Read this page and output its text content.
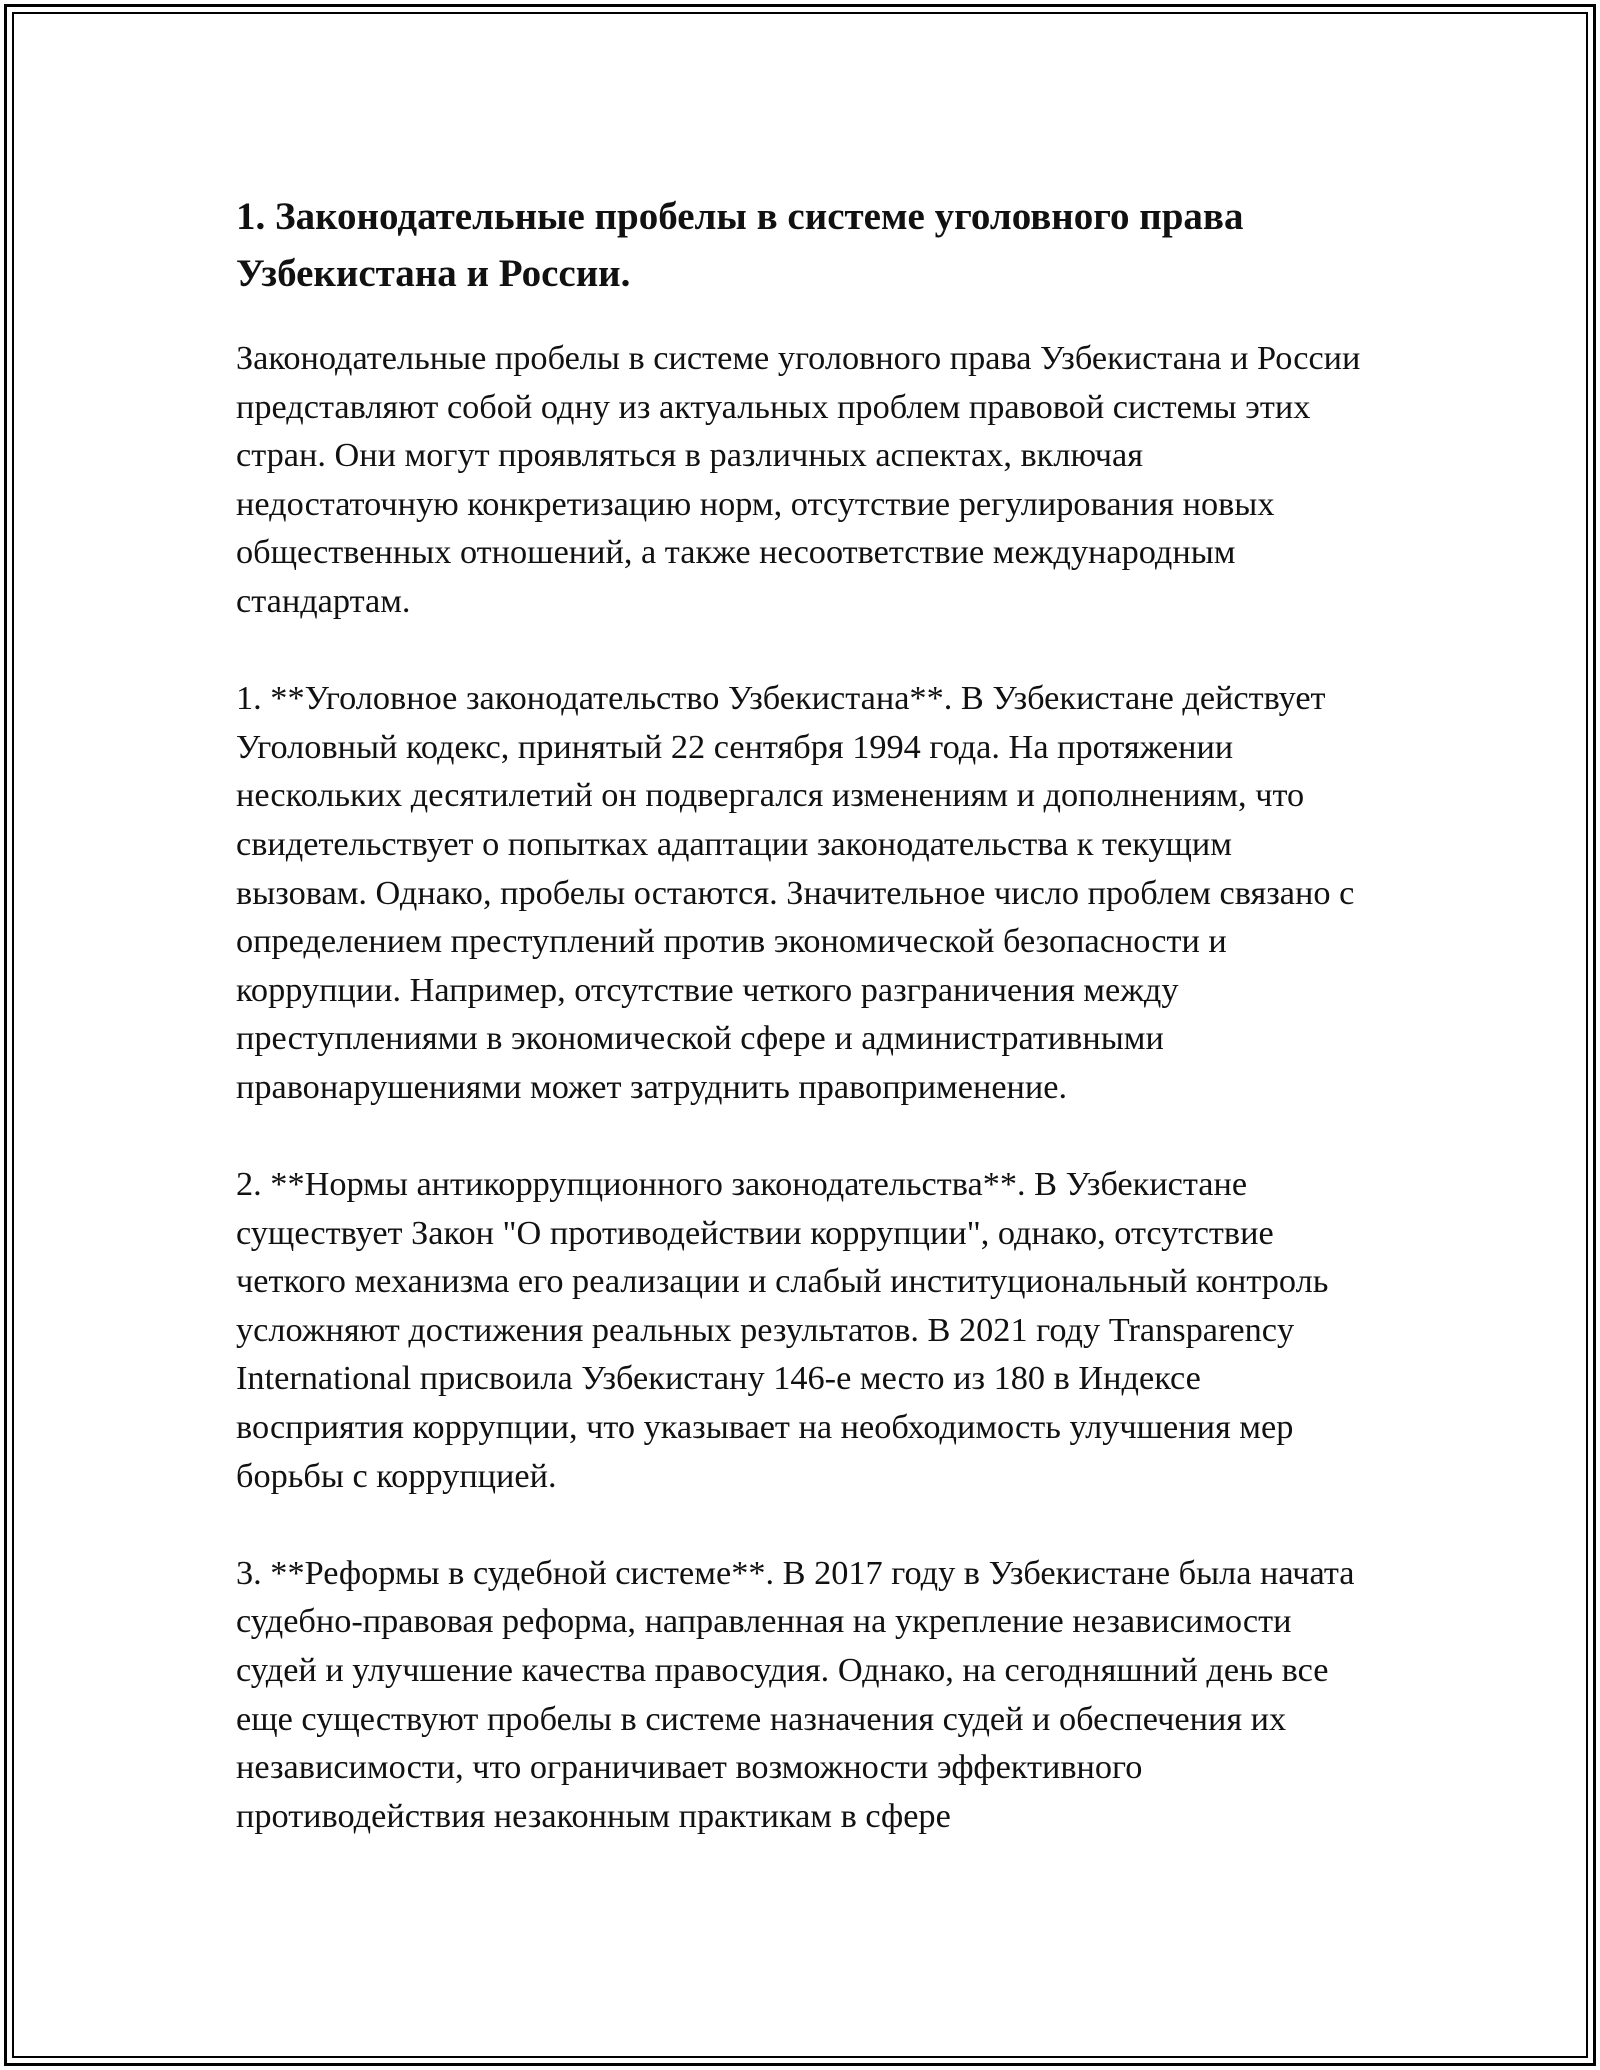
1. Законодательные пробелы в системе уголовного права Узбекистана и России.

Законодательные пробелы в системе уголовного права Узбекистана и России представляют собой одну из актуальных проблем правовой системы этих стран. Они могут проявляться в различных аспектах, включая недостаточную конкретизацию норм, отсутствие регулирования новых общественных отношений, а также несоответствие международным стандартам.

1. **Уголовное законодательство Узбекистана**. В Узбекистане действует Уголовный кодекс, принятый 22 сентября 1994 года. На протяжении нескольких десятилетий он подвергался изменениям и дополнениям, что свидетельствует о попытках адаптации законодательства к текущим вызовам. Однако, пробелы остаются. Значительное число проблем связано с определением преступлений против экономической безопасности и коррупции. Например, отсутствие четкого разграничения между преступлениями в экономической сфере и административными правонарушениями может затруднить правоприменение.

2. **Нормы антикоррупционного законодательства**. В Узбекистане существует Закон "О противодействии коррупции", однако, отсутствие четкого механизма его реализации и слабый институциональный контроль усложняют достижения реальных результатов. В 2021 году Transparency International присвоила Узбекистану 146-е место из 180 в Индексе восприятия коррупции, что указывает на необходимость улучшения мер борьбы с коррупцией.

3. **Реформы в судебной системе**. В 2017 году в Узбекистане была начата судебно-правовая реформа, направленная на укрепление независимости судей и улучшение качества правосудия. Однако, на сегодняшний день все еще существуют пробелы в системе назначения судей и обеспечения их независимости, что ограничивает возможности эффективного противодействия незаконным практикам в сфере
